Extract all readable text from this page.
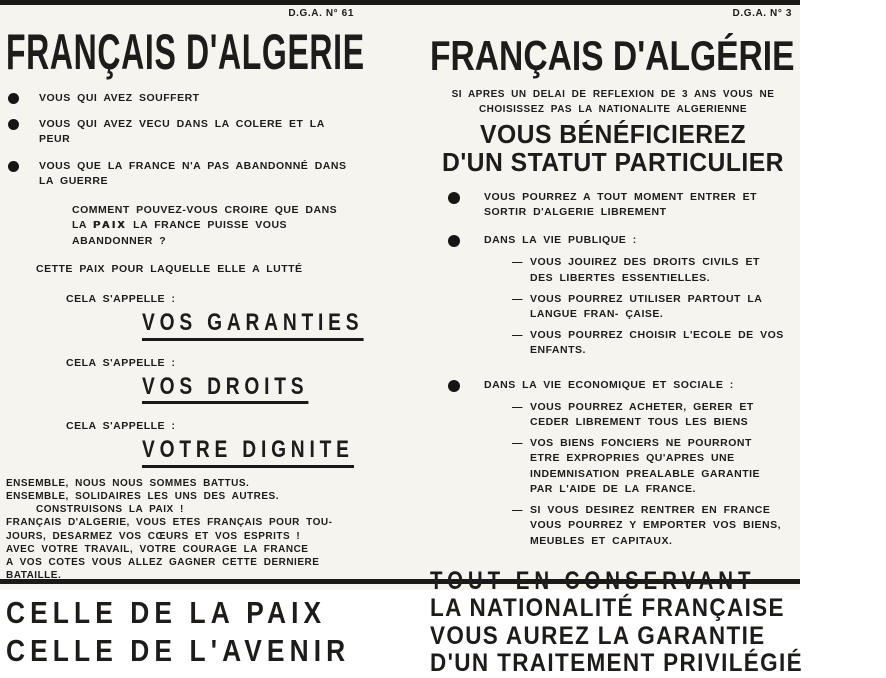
D.G.A. N° 61
FRANÇAIS D'ALGERIE
VOUS QUI AVEZ SOUFFERT
VOUS QUI AVEZ VECU DANS LA COLERE ET LA PEUR
VOUS QUE LA FRANCE N'A PAS ABANDONNÉ DANS LA GUERRE
COMMENT POUVEZ-VOUS CROIRE QUE DANS LA PAIX LA FRANCE PUISSE VOUS ABANDONNER ?
CETTE PAIX POUR LAQUELLE ELLE A LUTTÉ
CELA S'APPELLE :
VOS GARANTIES
CELA S'APPELLE :
VOS DROITS
CELA S'APPELLE :
VOTRE DIGNITE
ENSEMBLE, NOUS NOUS SOMMES BATTUS.
ENSEMBLE, SOLIDAIRES LES UNS DES AUTRES.
CONSTRUISONS LA PAIX !
FRANÇAIS D'ALGERIE, VOUS ETES FRANÇAIS POUR TOU-
JOURS, DESARMEZ VOS CŒURS ET VOS ESPRITS !
AVEC VOTRE TRAVAIL, VOTRE COURAGE LA FRANCE
A VOS COTES VOUS ALLEZ GAGNER CETTE DERNIERE
BATAILLE.
CELLE DE LA PAIX
CELLE DE L'AVENIR
D.G.A. N° 3
FRANÇAIS D'ALGÉRIE
SI APRES UN DELAI DE REFLEXION DE 3 ANS VOUS NE
CHOISISSEZ PAS LA NATIONALITE ALGERIENNE
VOUS BÉNÉFICIEREZ
D'UN STATUT PARTICULIER
VOUS POURREZ A TOUT MOMENT ENTRER ET SORTIR D'ALGERIE LIBREMENT
DANS LA VIE PUBLIQUE :
— VOUS JOUIREZ DES DROITS CIVILS ET DES LIBERTES ESSENTIELLES.
— VOUS POURREZ UTILISER PARTOUT LA LANGUE FRAN- ÇAISE.
— VOUS POURREZ CHOISIR L'ECOLE DE VOS ENFANTS.
DANS LA VIE ECONOMIQUE ET SOCIALE :
— VOUS POURREZ ACHETER, GERER ET CEDER LIBREMENT TOUS LES BIENS
— VOS BIENS FONCIERS NE POURRONT ETRE EXPROPRIES QU'APRES UNE INDEMNISATION PREALABLE GARANTIE PAR L'AIDE DE LA FRANCE.
— SI VOUS DESIREZ RENTRER EN FRANCE VOUS POURREZ Y EMPORTER VOS BIENS, MEUBLES ET CAPITAUX.
TOUT EN CONSERVANT
LA NATIONALITÉ FRANÇAISE
VOUS AUREZ LA GARANTIE
D'UN TRAITEMENT PRIVILÉGIÉ
